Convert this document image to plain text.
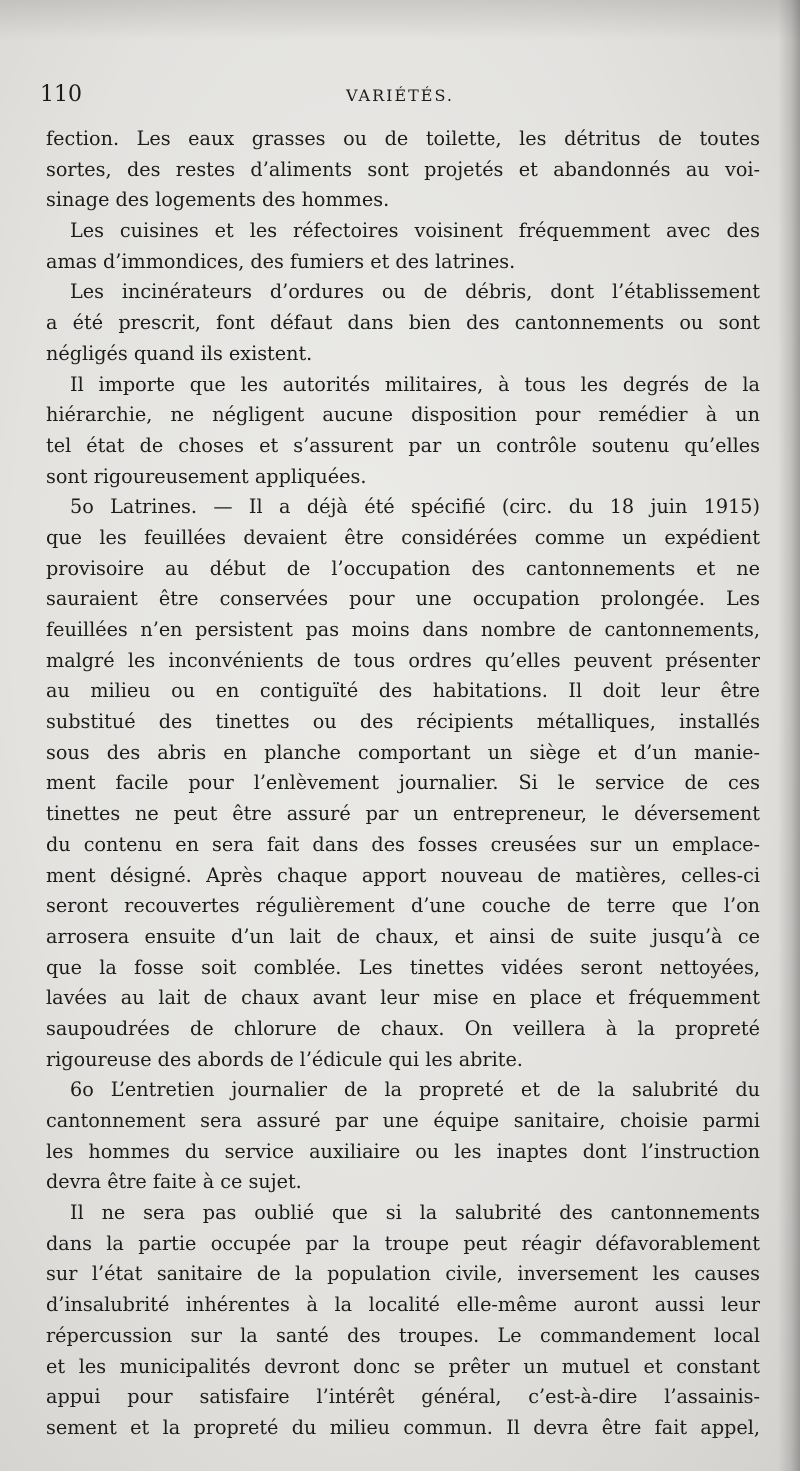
110	VARIÉTÉS.
fection. Les eaux grasses ou de toilette, les détritus de toutes
sortes, des restes d’aliments sont projetés et abandonnés au voi-
sinage des logements des hommes.
Les cuisines et les réfectoires voisinent fréquemment avec des
amas d’immondices, des fumiers et des latrines.
Les incinérateurs d’ordures ou de débris, dont l’établissement
a été prescrit, font défaut dans bien des cantonnements ou sont
négligés quand ils existent.
Il importe que les autorités militaires, à tous les degrés de la
hiérarchie, ne négligent aucune disposition pour remédier à un
tel état de choses et s’assurent par un contrôle soutenu qu’elles
sont rigoureusement appliquées.
5o Latrines. — Il a déjà été spécifié (circ. du 18 juin 1915)
que les feuillées devaient être considérées comme un expédient
provisoire au début de l’occupation des cantonnements et ne
sauraient être conservées pour une occupation prolongée. Les
feuillées n’en persistent pas moins dans nombre de cantonnements,
malgré les inconvénients de tous ordres qu’elles peuvent présenter
au milieu ou en contiguïté des habitations. Il doit leur être
substitué des tinettes ou des récipients métalliques, installés
sous des abris en planche comportant un siège et d’un manie-
ment facile pour l’enlèvement journalier. Si le service de ces
tinettes ne peut être assuré par un entrepreneur, le déversement
du contenu en sera fait dans des fosses creusées sur un emplace-
ment désigné. Après chaque apport nouveau de matières, celles-ci
seront recouvertes régulièrement d’une couche de terre que l’on
arrosera ensuite d’un lait de chaux, et ainsi de suite jusqu’à ce
que la fosse soit comblée. Les tinettes vidées seront nettoyées,
lavées au lait de chaux avant leur mise en place et fréquemment
saupoudrées de chlorure de chaux. On veillera à la propreté
rigoureuse des abords de l’édicule qui les abrite.
6o L’entretien journalier de la propreté et de la salubrité du
cantonnement sera assuré par une équipe sanitaire, choisie parmi
les hommes du service auxiliaire ou les inaptes dont l’instruction
devra être faite à ce sujet.
Il ne sera pas oublié que si la salubrité des cantonnements
dans la partie occupée par la troupe peut réagir défavorablement
sur l’état sanitaire de la population civile, inversement les causes
d’insalubrité inhérentes à la localité elle-même auront aussi leur
répercussion sur la santé des troupes. Le commandement local
et les municipalités devront donc se prêter un mutuel et constant
appui pour satisfaire l’intérêt général, c’est-à-dire l’assainis-
sement et la propreté du milieu commun. Il devra être fait appel,
